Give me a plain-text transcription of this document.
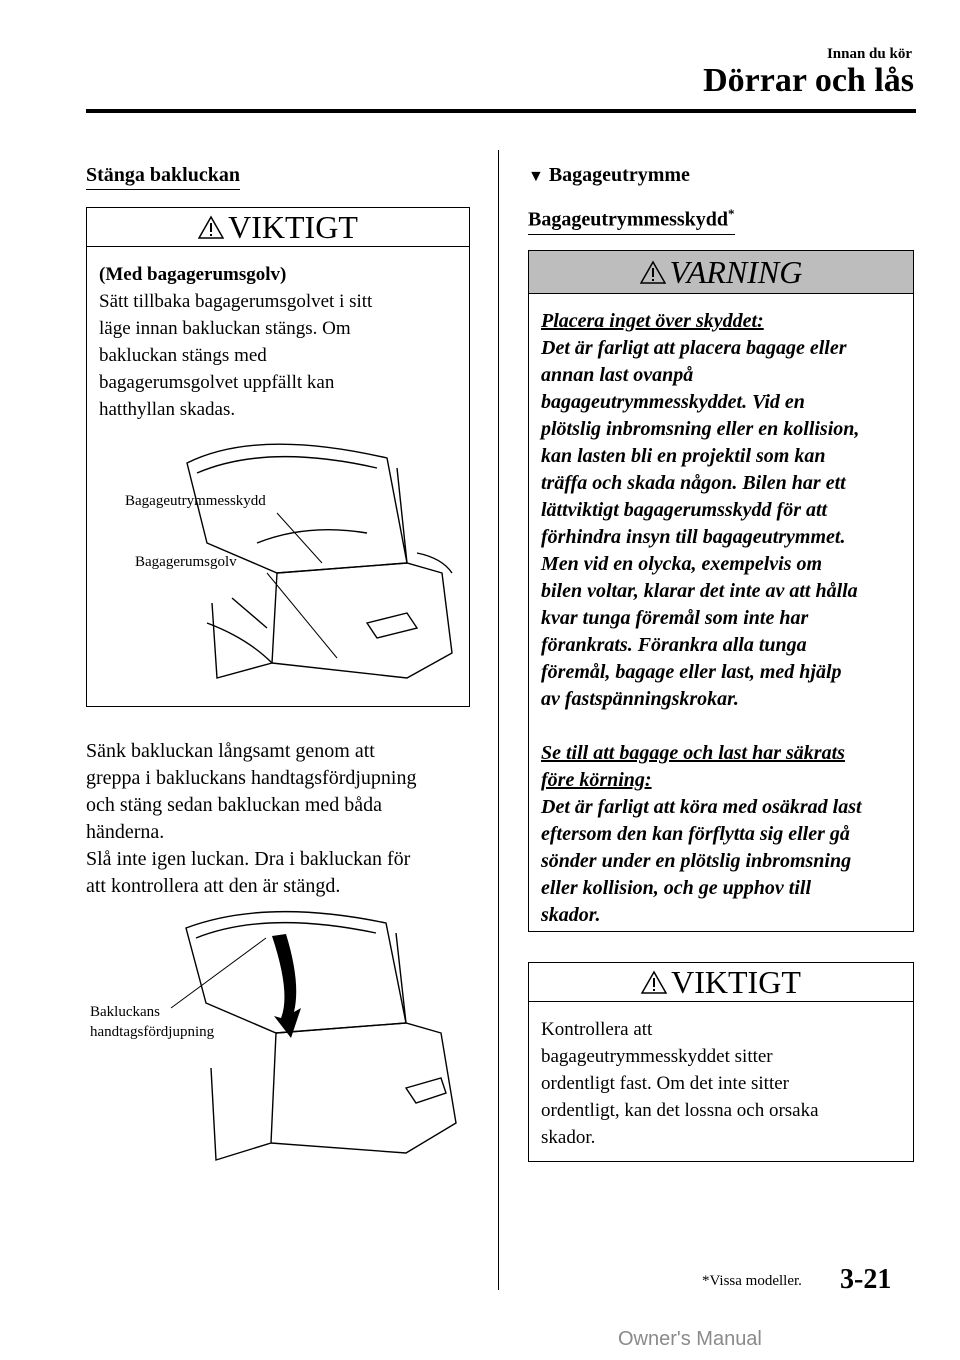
Innan du kör
Dörrar och lås
Stänga bakluckan
VIKTIGT
(Med bagagerumsgolv)
Sätt tillbaka bagagerumsgolvet i sitt
läge innan bakluckan stängs. Om
bakluckan stängs med
bagagerumsgolvet uppfällt kan
hatthyllan skadas.
Bagageutrymmesskydd
Bagagerumsgolv
Sänk bakluckan långsamt genom att
greppa i bakluckans handtagsfördjupning
och stäng sedan bakluckan med båda
händerna.
Slå inte igen luckan. Dra i bakluckan för
att kontrollera att den är stängd.
Bakluckans
handtagsfördjupning
▼ Bagageutrymme
Bagageutrymmesskydd*
VARNING
Placera inget över skyddet:
Det är farligt att placera bagage eller
annan last ovanpå
bagageutrymmesskyddet. Vid en
plötslig inbromsning eller en kollision,
kan lasten bli en projektil som kan
träffa och skada någon. Bilen har ett
lättviktigt bagagerumsskydd för att
förhindra insyn till bagageutrymmet.
Men vid en olycka, exempelvis om
bilen voltar, klarar det inte av att hålla
kvar tunga föremål som inte har
förankrats. Förankra alla tunga
föremål, bagage eller last, med hjälp
av fastspänningskrokar.
Se till att bagage och last har säkrats
före körning:
Det är farligt att köra med osäkrad last
eftersom den kan förflytta sig eller gå
sönder under en plötslig inbromsning
eller kollision, och ge upphov till
skador.
VIKTIGT
Kontrollera att
bagageutrymmesskyddet sitter
ordentligt fast. Om det inte sitter
ordentligt, kan det lossna och orsaka
skador.
*Vissa modeller. 3-21
Owner's Manual
